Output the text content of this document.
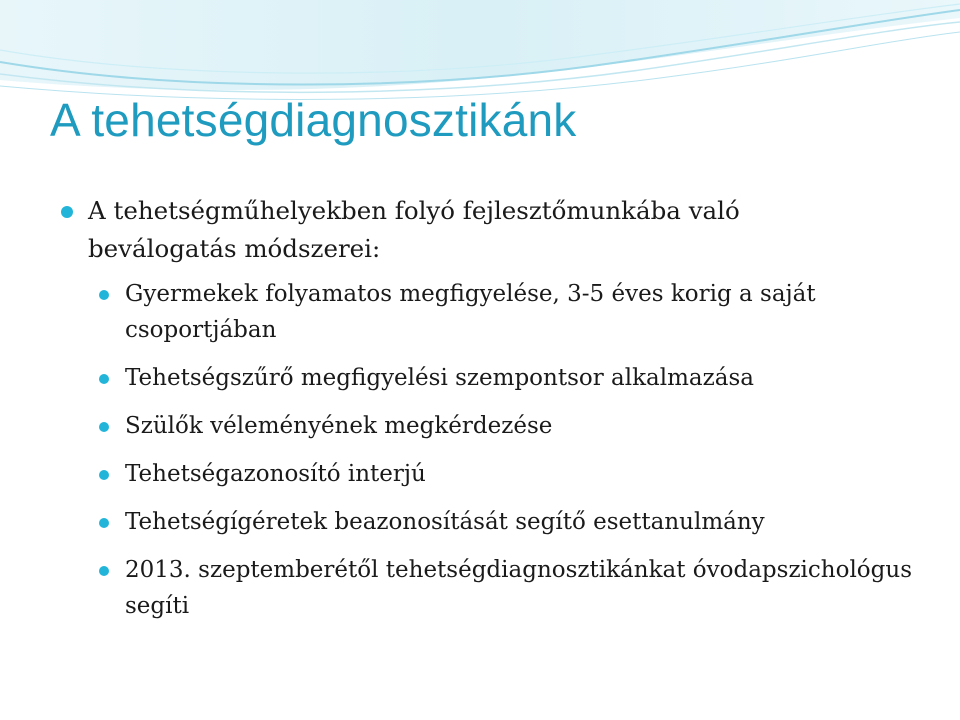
A tehetségdiagnosztikánk
A tehetségműhelyekben folyó fejlesztőmunkába való beválogatás módszerei:
Gyermekek folyamatos megfigyelése, 3-5 éves korig a saját csoportjában
Tehetségszűrő megfigyelési szempontsor alkalmazása
Szülők véleményének megkérdezése
Tehetségazonosító interjú
Tehetségígéretek beazonosítását segítő esettanulmány
2013. szeptemberétől tehetségdiagnosztikánkat óvodapszichológus segíti
